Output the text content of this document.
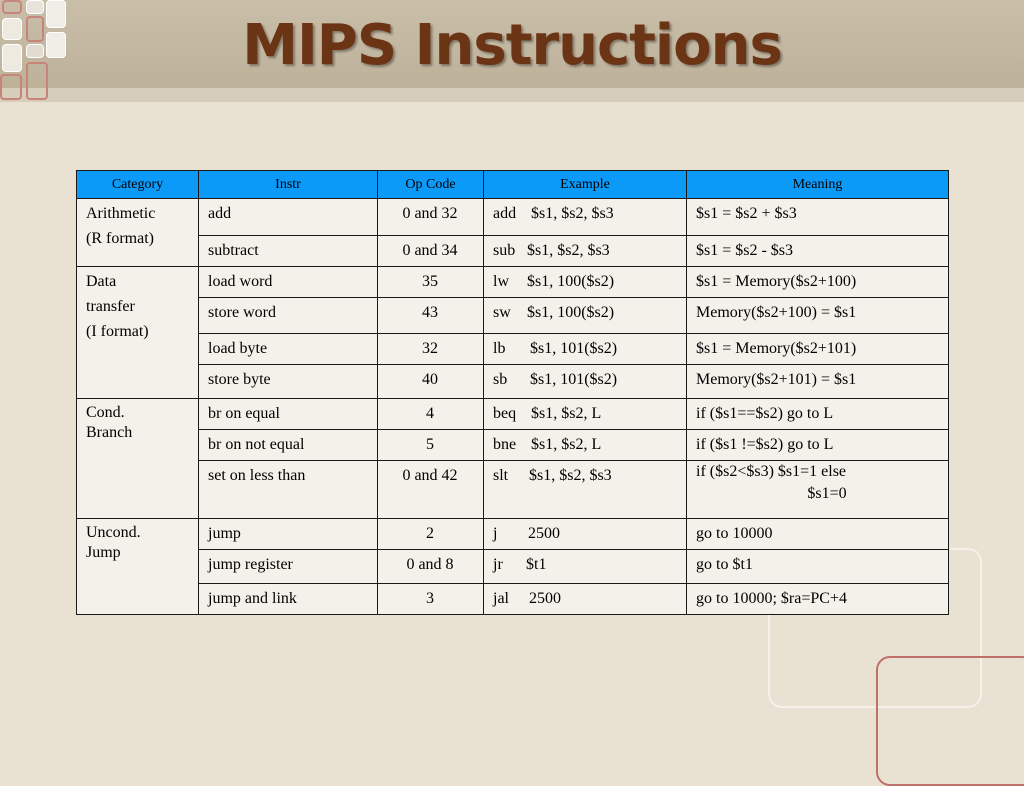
MIPS Instructions
Category	Instr	Op Code	Example	Meaning

Arithmetic
(R format)	add	0 and 32	add $s1, $s2, $s3	$s1 = $s2 + $s3
	subtract	0 and 34	sub $s1, $s2, $s3	$s1 = $s2 - $s3

Data
transfer
(I format)	load word	35	lw $s1, 100($s2)	$s1 = Memory($s2+100)
	store word	43	sw $s1, 100($s2)	Memory($s2+100) = $s1
	load byte	32	lb $s1, 101($s2)	$s1 = Memory($s2+101)
	store byte	40	sb $s1, 101($s2)	Memory($s2+101) = $s1

Cond.
Branch	br on equal	4	beq $s1, $s2, L	if ($s1==$s2) go to L
	br on not equal	5	bne $s1, $s2, L	if ($s1 !=$s2) go to L
	set on less than	0 and 42	slt $s1, $s2, $s3	if ($s2<$s3) $s1=1 else
$s1=0

Uncond.
Jump	jump	2	j 2500	go to 10000
	jump register	0 and 8	jr $t1	go to $t1
	jump and link	3	jal 2500	go to 10000; $ra=PC+4
